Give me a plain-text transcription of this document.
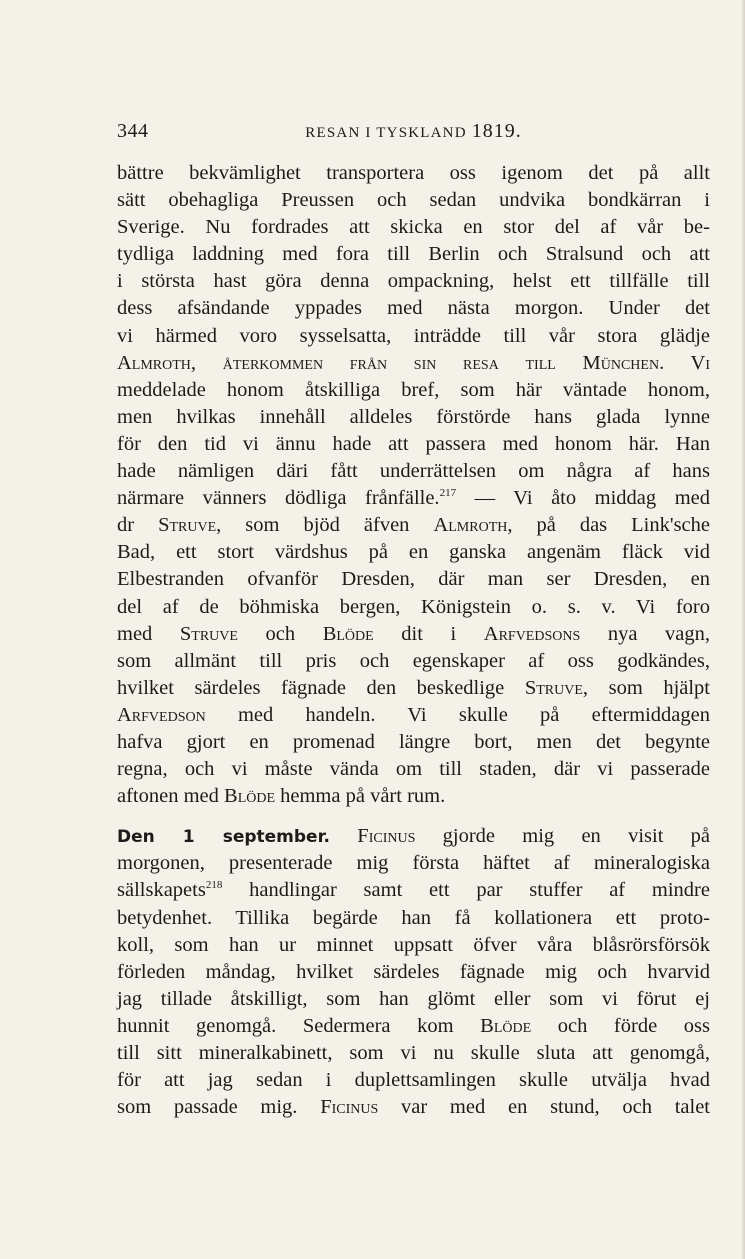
344	RESAN I TYSKLAND 1819.
bättre bekvämlighet transportera oss igenom det på allt
sätt obehagliga Preussen och sedan undvika bondkärran i
Sverige. Nu fordrades att skicka en stor del af vår be-
tydliga laddning med fora till Berlin och Stralsund och att
i största hast göra denna ompackning, helst ett tillfälle till
dess afsändande yppades med nästa morgon. Under det
vi härmed voro sysselsatta, inträdde till vår stora glädje
Almroth, återkommen från sin resa till München. Vi
meddelade honom åtskilliga bref, som här väntade honom,
men hvilkas innehåll alldeles förstörde hans glada lynne
för den tid vi ännu hade att passera med honom här. Han
hade nämligen däri fått underrättelsen om några af hans
närmare vänners dödliga frånfälle.$^{217}$ — Vi åto middag med
dr Struve, som bjöd äfven Almroth, på das Link'sche
Bad, ett stort värdshus på en ganska angenäm fläck vid
Elbestranden ofvanför Dresden, där man ser Dresden, en
del af de böhmiska bergen, Königstein o. s. v. Vi foro
med Struve och Blöde dit i Arfvedsons nya vagn,
som allmänt till pris och egenskaper af oss godkändes,
hvilket särdeles fägnade den beskedlige Struve, som hjälpt
Arfvedson med handeln. Vi skulle på eftermiddagen
hafva gjort en promenad längre bort, men det begynte
regna, och vi måste vända om till staden, där vi passerade
aftonen med Blöde hemma på vårt rum.
Den 1 september. Ficinus gjorde mig en visit på
morgonen, presenterade mig första häftet af mineralogiska
sällskapets$^{218}$ handlingar samt ett par stuffer af mindre
betydenhet. Tillika begärde han få kollationera ett proto-
koll, som han ur minnet uppsatt öfver våra blåsrörsförsök
förleden måndag, hvilket särdeles fägnade mig och hvarvid
jag tillade åtskilligt, som han glömt eller som vi förut ej
hunnit genomgå. Sedermera kom Blöde och förde oss
till sitt mineralkabinett, som vi nu skulle sluta att genomgå,
för att jag sedan i duplettsamlingen skulle utvälja hvad
som passade mig. Ficinus var med en stund, och talet
